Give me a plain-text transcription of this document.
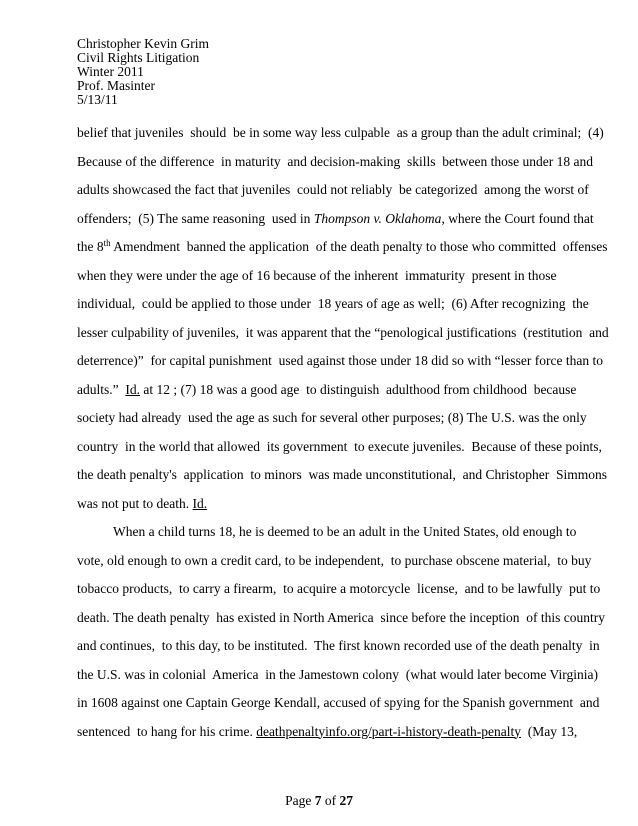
Christopher Kevin Grim
Civil Rights Litigation
Winter 2011
Prof. Masinter
5/13/11
belief that juveniles  should  be in some way less culpable  as a group than the adult criminal;  (4)
Because of the difference  in maturity  and decision-making  skills  between those under 18 and
adults showcased the fact that juveniles  could not reliably  be categorized  among the worst of
offenders;  (5) The same reasoning  used in Thompson v. Oklahoma, where the Court found that
the 8th Amendment  banned the application  of the death penalty to those who committed  offenses
when they were under the age of 16 because of the inherent  immaturity  present in those
individual,  could be applied to those under  18 years of age as well;  (6) After recognizing  the
lesser culpability of juveniles,  it was apparent that the “penological justifications  (restitution  and
deterrence)”  for capital punishment  used against those under 18 did so with “lesser force than to
adults.”  Id. at 12 ; (7) 18 was a good age  to distinguish  adulthood from childhood  because
society had already  used the age as such for several other purposes; (8) The U.S. was the only
country  in the world that allowed  its government  to execute juveniles.  Because of these points,
the death penalty's  application  to minors  was made unconstitutional,  and Christopher  Simmons
was not put to death. Id.
When a child turns 18, he is deemed to be an adult in the United States, old enough to
vote, old enough to own a credit card, to be independent,  to purchase obscene material,  to buy
tobacco products,  to carry a firearm,  to acquire a motorcycle  license,  and to be lawfully  put to
death. The death penalty  has existed in North America  since before the inception  of this country
and continues,  to this day, to be instituted.  The first known recorded use of the death penalty  in
the U.S. was in colonial  America  in the Jamestown colony  (what would later become Virginia)
in 1608 against one Captain George Kendall, accused of spying for the Spanish government  and
sentenced  to hang for his crime. deathpenaltyinfo.org/part-i-history-death-penalty  (May 13,
Page 7 of 27
